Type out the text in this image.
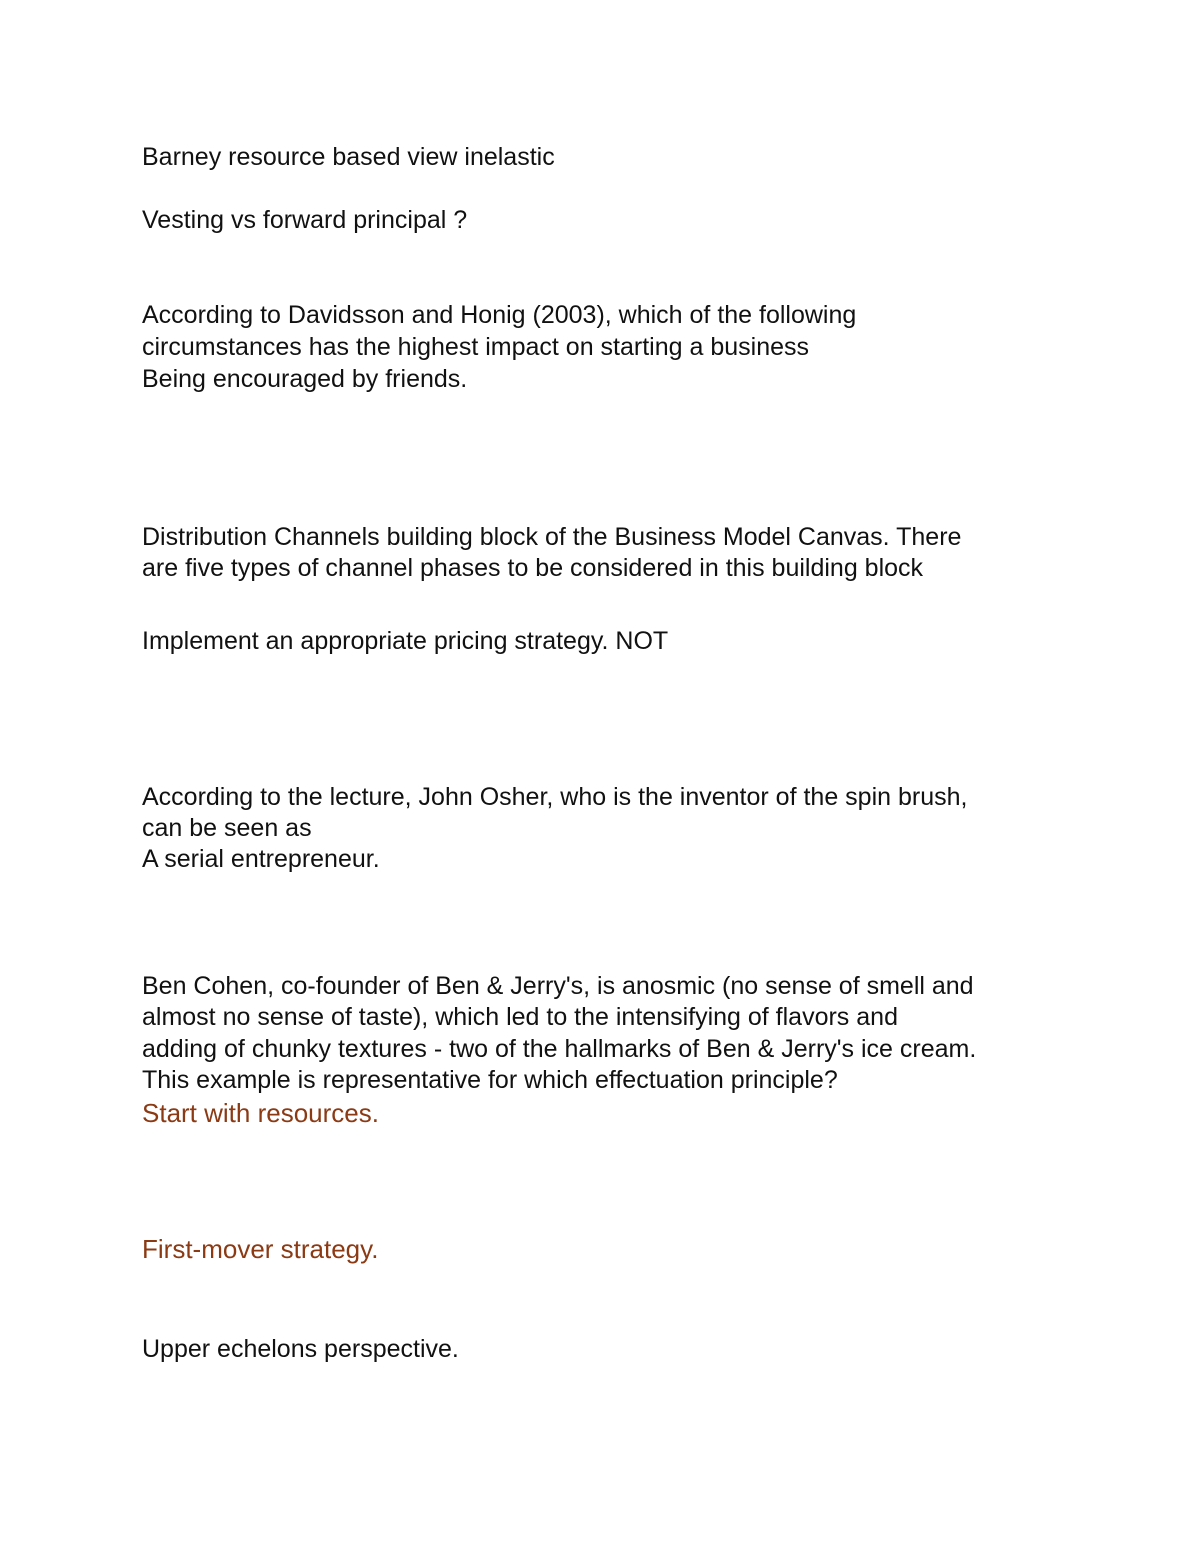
Barney resource based view inelastic

Vesting vs forward principal ?

According to Davidsson and Honig (2003), which of the following

circumstances has the highest impact on starting a business

Being encouraged by friends.

Distribution Channels building block of the Business Model Canvas. There

are five types of channel phases to be considered in this building block

Implement an appropriate pricing strategy. NOT

According to the lecture, John Osher, who is the inventor of the spin brush,

can be seen as

A serial entrepreneur.

Ben Cohen, co-founder of Ben & Jerry's, is anosmic (no sense of smell and

almost no sense of taste), which led to the intensifying of flavors and

adding of chunky textures - two of the hallmarks of Ben & Jerry's ice cream.

This example is representative for which effectuation principle?

Start with resources.

First-mover strategy.

Upper echelons perspective.
